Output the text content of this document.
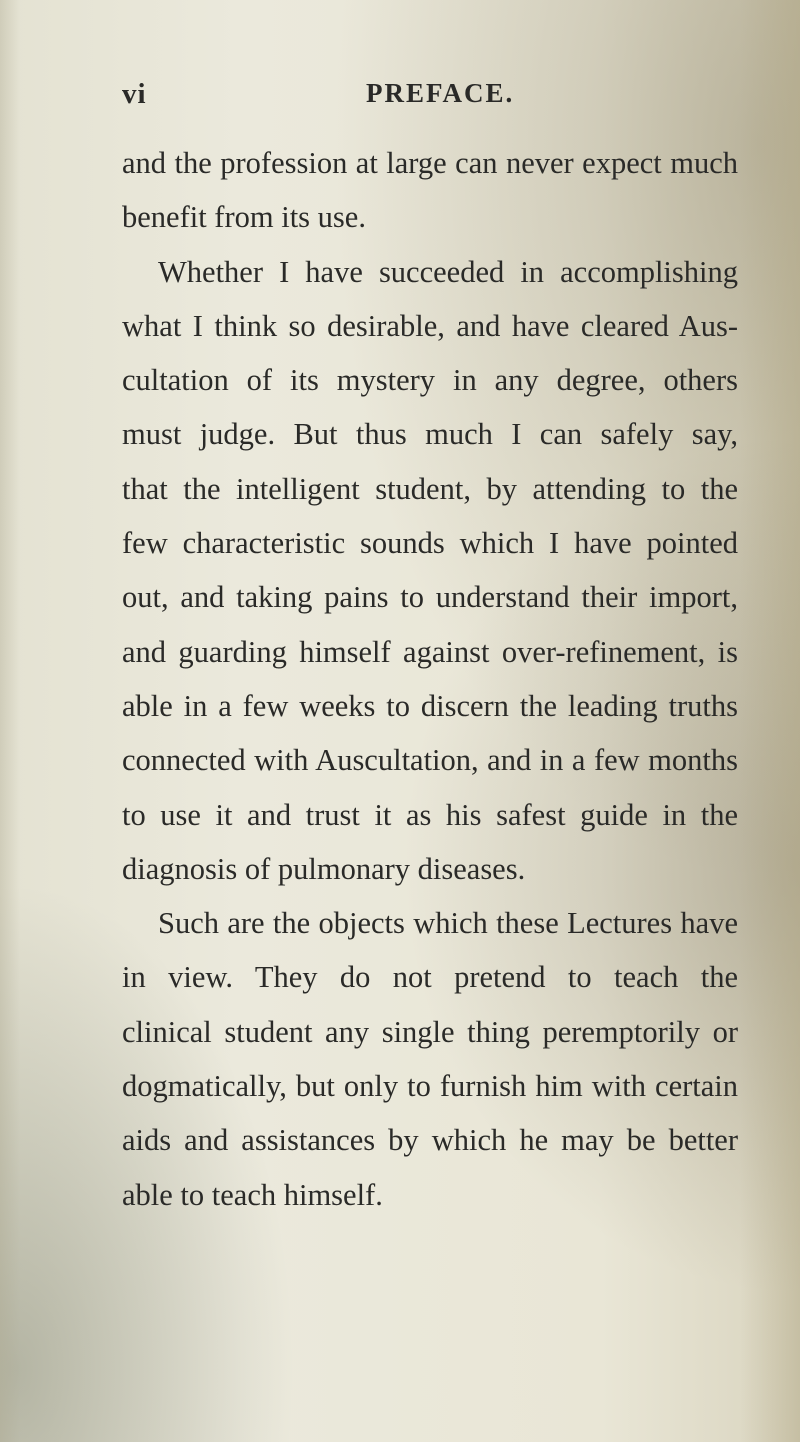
vi	PREFACE.
and the profession at large can never expect much
benefit from its use.
Whether I have succeeded in accomplishing
what I think so desirable, and have cleared Aus-
cultation of its mystery in any degree, others
must judge. But thus much I can safely say,
that the intelligent student, by attending to the
few characteristic sounds which I have pointed
out, and taking pains to understand their import,
and guarding himself against over-refinement, is
able in a few weeks to discern the leading truths
connected with Auscultation, and in a few months
to use it and trust it as his safest guide in the
diagnosis of pulmonary diseases.
Such are the objects which these Lectures have
in view. They do not pretend to teach the
clinical student any single thing peremptorily or
dogmatically, but only to furnish him with certain
aids and assistances by which he may be better
able to teach himself.
